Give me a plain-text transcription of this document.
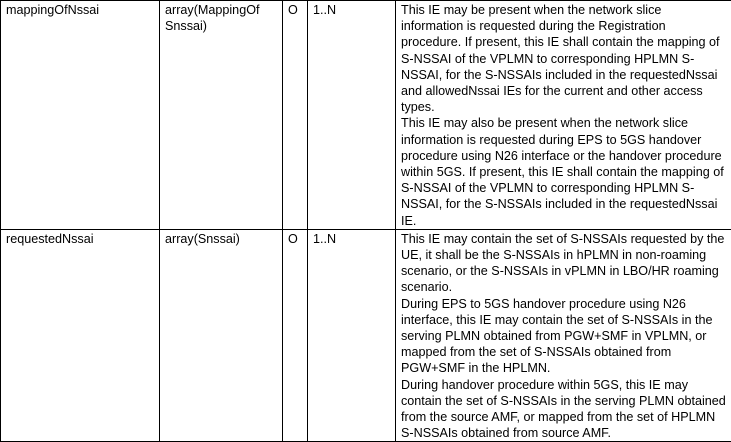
mappingOfNssai	array(MappingOf Snssai)	O	1..N	This IE may be present when the network slice information is requested during the Registration procedure. If present, this IE shall contain the mapping of S-NSSAI of the VPLMN to corresponding HPLMN S-NSSAI, for the S-NSSAIs included in the requestedNssai and allowedNssai IEs for the current and other access types.
This IE may also be present when the network slice information is requested during EPS to 5GS handover procedure using N26 interface or the handover procedure within 5GS. If present, this IE shall contain the mapping of S-NSSAI of the VPLMN to corresponding HPLMN S-NSSAI, for the S-NSSAIs included in the requestedNssai IE.

requestedNssai	array(Snssai)	O	1..N	This IE may contain the set of S-NSSAIs requested by the UE, it shall be the S-NSSAIs in hPLMN in non-roaming scenario, or the S-NSSAIs in vPLMN in LBO/HR roaming scenario.
During EPS to 5GS handover procedure using N26 interface, this IE may contain the set of S-NSSAIs in the serving PLMN obtained from PGW+SMF in VPLMN, or mapped from the set of S-NSSAIs obtained from PGW+SMF in the HPLMN.
During handover procedure within 5GS, this IE may contain the set of S-NSSAIs in the serving PLMN obtained from the source AMF, or mapped from the set of HPLMN S-NSSAIs obtained from source AMF.
